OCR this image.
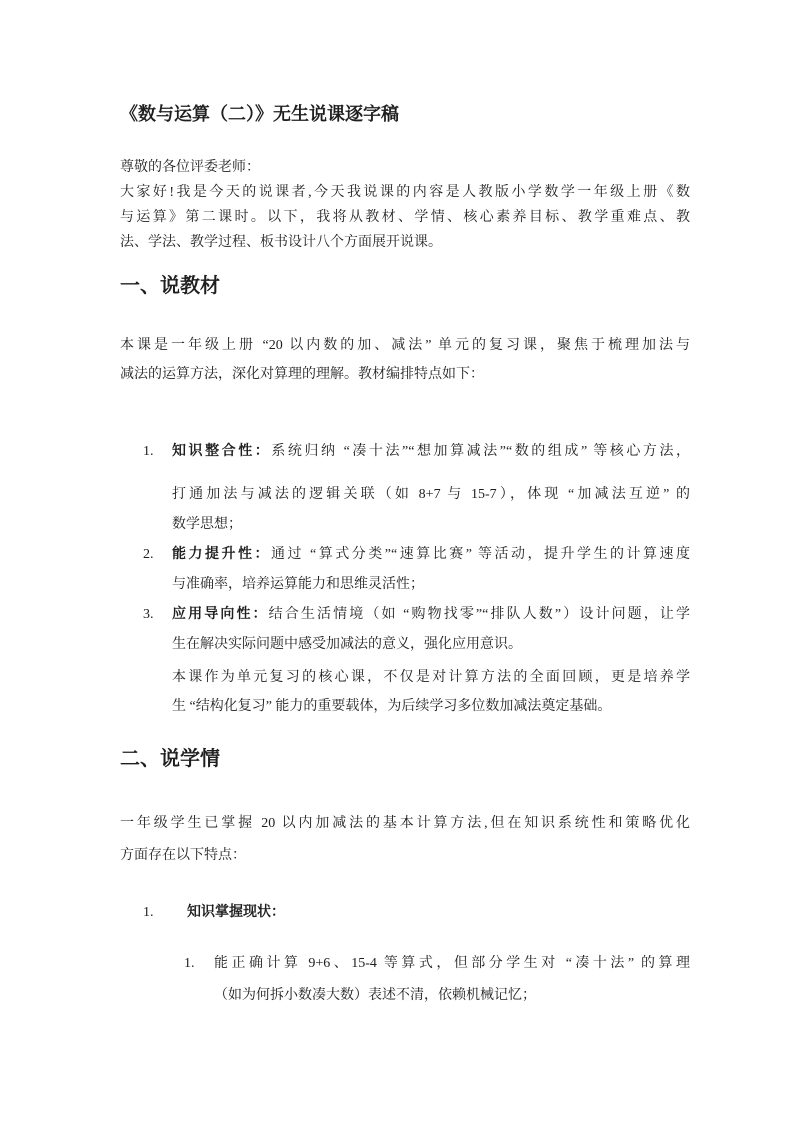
《数与运算（二）》无生说课逐字稿
尊敬的各位评委老师：
大家好!我是今天的说课者,今天我说课的内容是人教版小学数学一年级上册《数
与运算》第二课时。以下，我将从教材、学情、核心素养目标、教学重难点、教
法、学法、教学过程、板书设计八个方面展开说课。
一、说教材
本课是一年级上册 “20 以内数的加、减法” 单元的复习课，聚焦于梳理加法与
减法的运算方法，深化对算理的理解。教材编排特点如下：
1.	知识整合性：系统归纳 “凑十法”“想加算减法”“数的组成” 等核心方法，
打通加法与减法的逻辑关联（如 8+7 与 15-7），体现 “加减法互逆” 的
数学思想；
2.	能力提升性：通过 “算式分类”“速算比赛” 等活动，提升学生的计算速度
与准确率，培养运算能力和思维灵活性；
3.	应用导向性：结合生活情境（如 “购物找零”“排队人数”）设计问题，让学
生在解决实际问题中感受加减法的意义，强化应用意识。
本课作为单元复习的核心课，不仅是对计算方法的全面回顾，更是培养学
生 “结构化复习” 能力的重要载体，为后续学习多位数加减法奠定基础。
二、说学情
一年级学生已掌握 20 以内加减法的基本计算方法,但在知识系统性和策略优化
方面存在以下特点：
1.	知识掌握现状：
1.	能正确计算 9+6、15-4 等算式，但部分学生对 “凑十法” 的算理
（如为何拆小数凑大数）表述不清，依赖机械记忆；
